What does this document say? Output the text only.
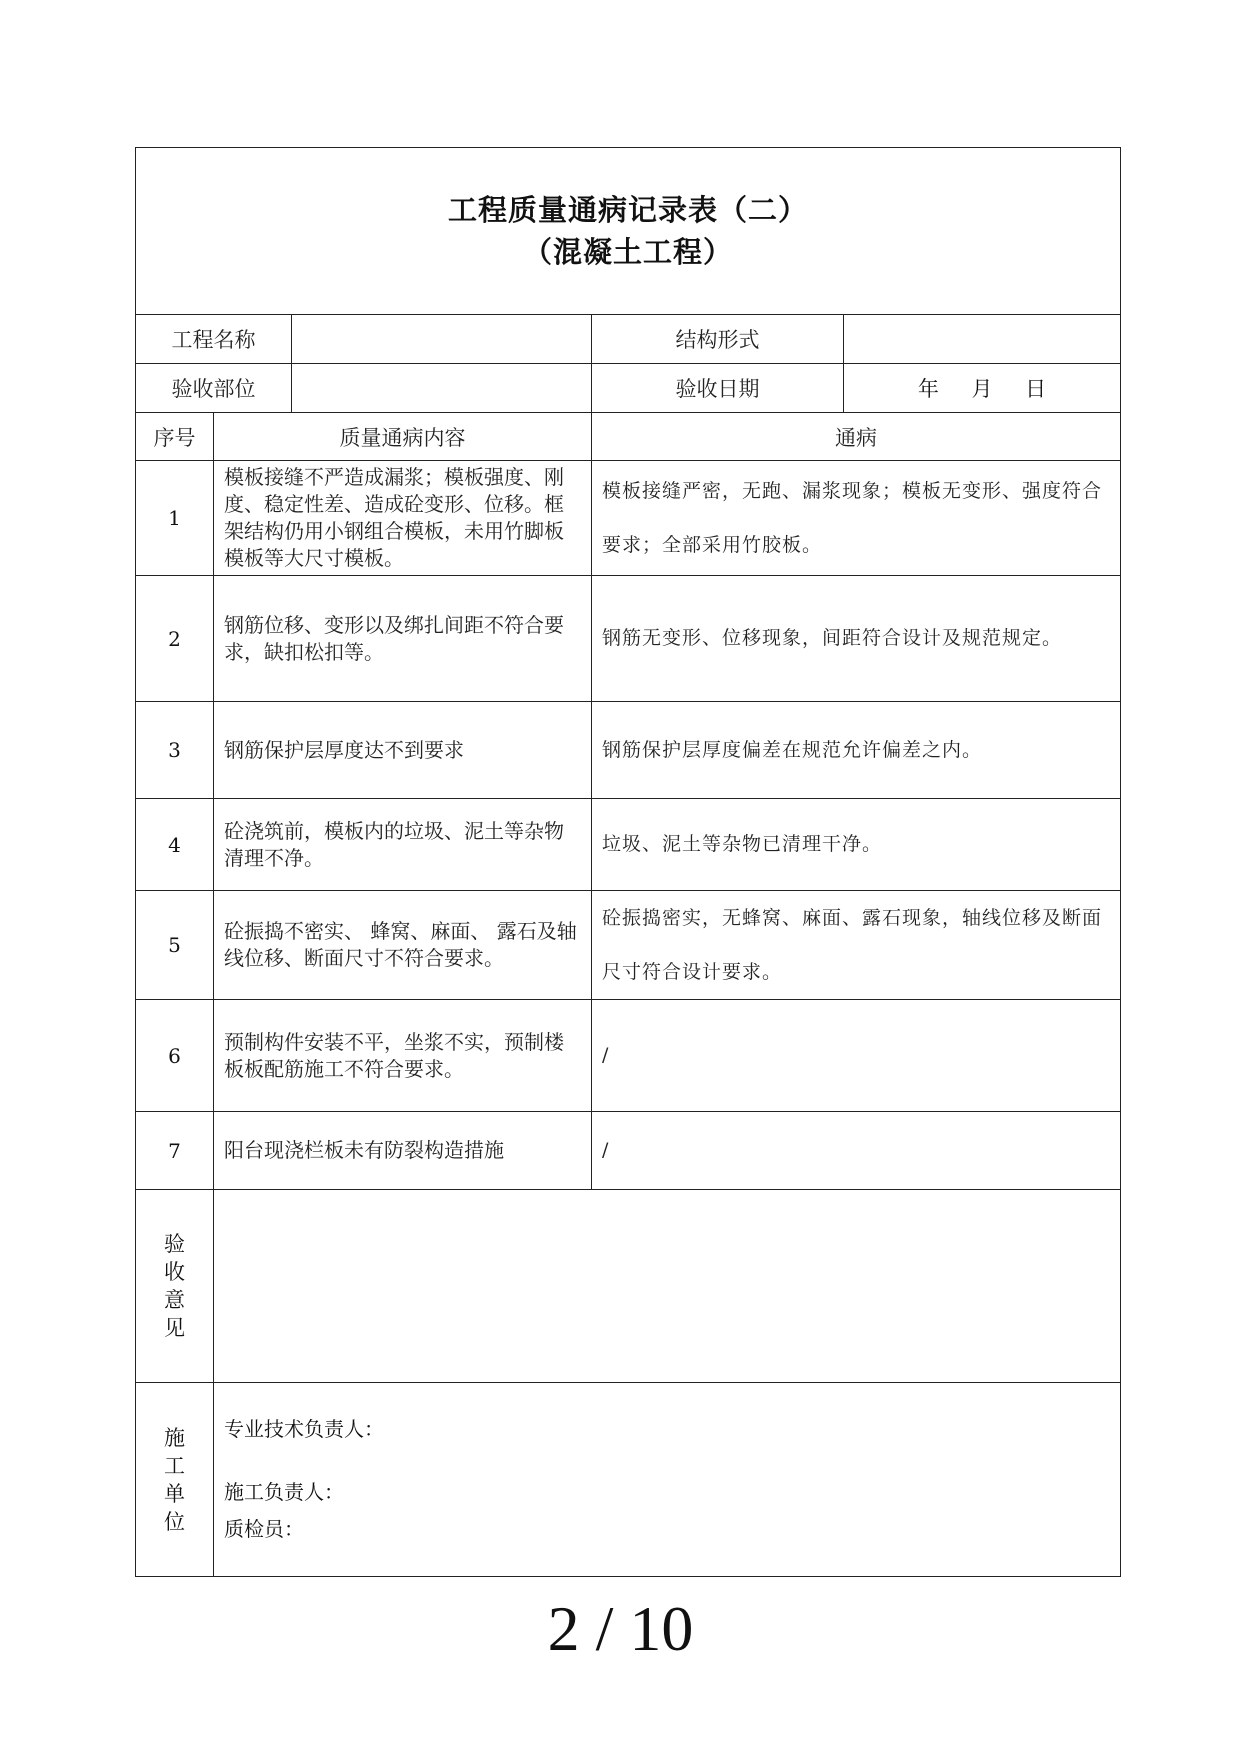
工程质量通病记录表（二）
（混凝土工程）				

工程名称			结构形式	
验收部位			验收日期	年 月 日
序号	质量通病内容		通病	
1	模板接缝不严造成漏浆；模板强度、刚度、稳定性差、造成砼变形、位移。框架结构仍用小钢组合模板，未用竹脚板模板等大尺寸模板。		模板接缝严密，无跑、漏浆现象；模板无变形、强度符合要求；全部采用竹胶板。	
2	钢筋位移、变形以及绑扎间距不符合要求，缺扣松扣等。		钢筋无变形、位移现象，间距符合设计及规范规定。	
3	钢筋保护层厚度达不到要求		钢筋保护层厚度偏差在规范允许偏差之内。	
4	砼浇筑前，模板内的垃圾、泥土等杂物清理不净。		垃圾、泥土等杂物已清理干净。	
5	砼振捣不密实、 蜂窝、麻面、 露石及轴线位移、断面尺寸不符合要求。		砼振捣密实，无蜂窝、麻面、露石现象，轴线位移及断面尺寸符合设计要求。	
6	预制构件安装不平，坐浆不实，预制楼板板配筋施工不符合要求。		/	
7	阳台现浇栏板未有防裂构造措施		/	

验
收
意
见				

施
工
单
位	专业技术负责人：
施工负责人：
质检员：			
2 / 10
